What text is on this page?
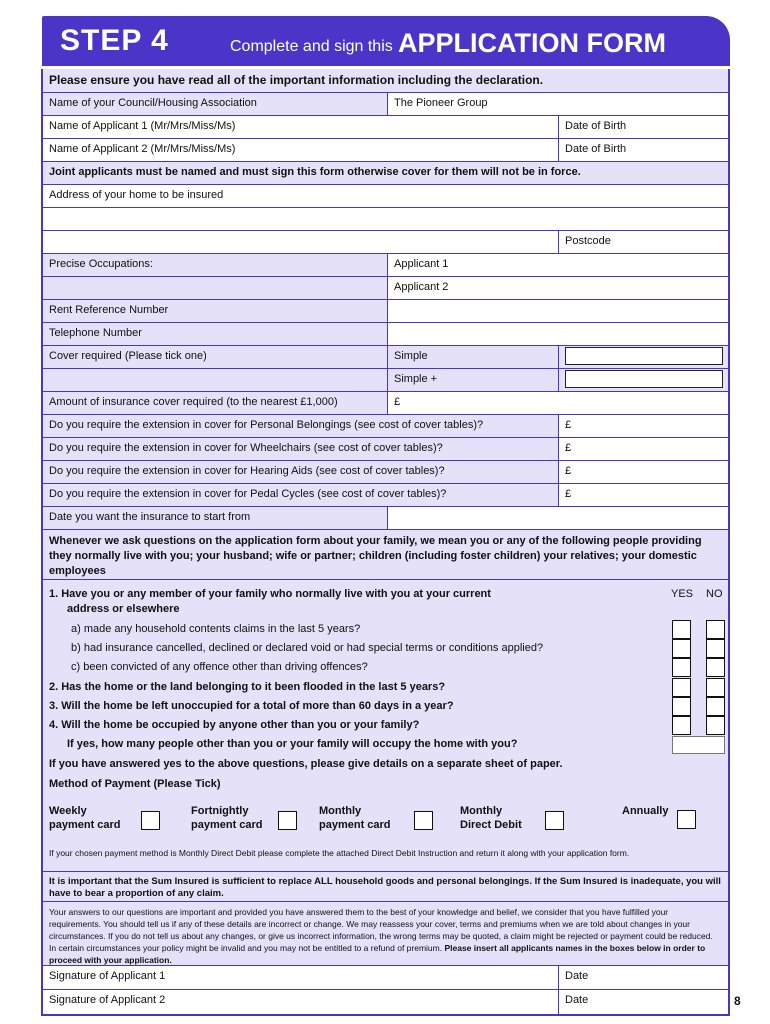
STEP 4	Complete and sign this APPLICATION FORM
Please ensure you have read all of the important information including the declaration.
Name of your Council/Housing Association	The Pioneer Group
Name of Applicant 1 (Mr/Mrs/Miss/Ms)	Date of Birth
Name of Applicant 2 (Mr/Mrs/Miss/Ms)	Date of Birth
Joint applicants must be named and must sign this form otherwise cover for them will not be in force.
Address of your home to be insured
Postcode
Precise Occupations:	Applicant 1
Applicant 2
Rent Reference Number
Telephone Number
Cover required (Please tick one)	Simple
Simple +
Amount of insurance cover required (to the nearest £1,000)	£
Do you require the extension in cover for Personal Belongings (see cost of cover tables)?	£
Do you require the extension in cover for Wheelchairs (see cost of cover tables)?	£
Do you require the extension in cover for Hearing Aids (see cost of cover tables)?	£
Do you require the extension in cover for Pedal Cycles (see cost of cover tables)?	£
Date you want the insurance to start from
Whenever we ask questions on the application form about your family, we mean you or any of the following people providing they normally live with you; your husband; wife or partner; children (including foster children) your relatives; your domestic employees
1. Have you or any member of your family who normally live with you at your current
address or elsewhere
YES NO
a) made any household contents claims in the last 5 years?
b) had insurance cancelled, declined or declared void or had special terms or conditions applied?
c) been convicted of any offence other than driving offences?
2. Has the home or the land belonging to it been flooded in the last 5 years?
3. Will the home be left unoccupied for a total of more than 60 days in a year?
4. Will the home be occupied by anyone other than you or your family?
If yes, how many people other than you or your family will occupy the home with you?
If you have answered yes to the above questions, please give details on a separate sheet of paper.
Method of Payment (Please Tick)
Weekly
payment card
Fortnightly
payment card
Monthly
payment card
Monthly
Direct Debit
Annually
If your chosen payment method is Monthly Direct Debit please complete the attached Direct Debit Instruction and return it along with your application form.
It is important that the Sum Insured is sufficient to replace ALL household goods and personal belongings. If the Sum Insured is inadequate, you will have to bear a proportion of any claim.
Your answers to our questions are important and provided you have answered them to the best of your knowledge and belief, we consider that you have fulfilled your requirements. You should tell us if any of these details are incorrect or change. We may reassess your cover, terms and premiums when we are told about changes in your circumstances. If you do not tell us about any changes, or give us incorrect information, the wrong terms may be quoted, a claim might be rejected or payment could be reduced. In certain circumstances your policy might be invalid and you may not be entitled to a refund of premium. Please insert all applicants names in the boxes below in order to proceed with your application.
Signature of Applicant 1	Date
Signature of Applicant 2	Date	8
